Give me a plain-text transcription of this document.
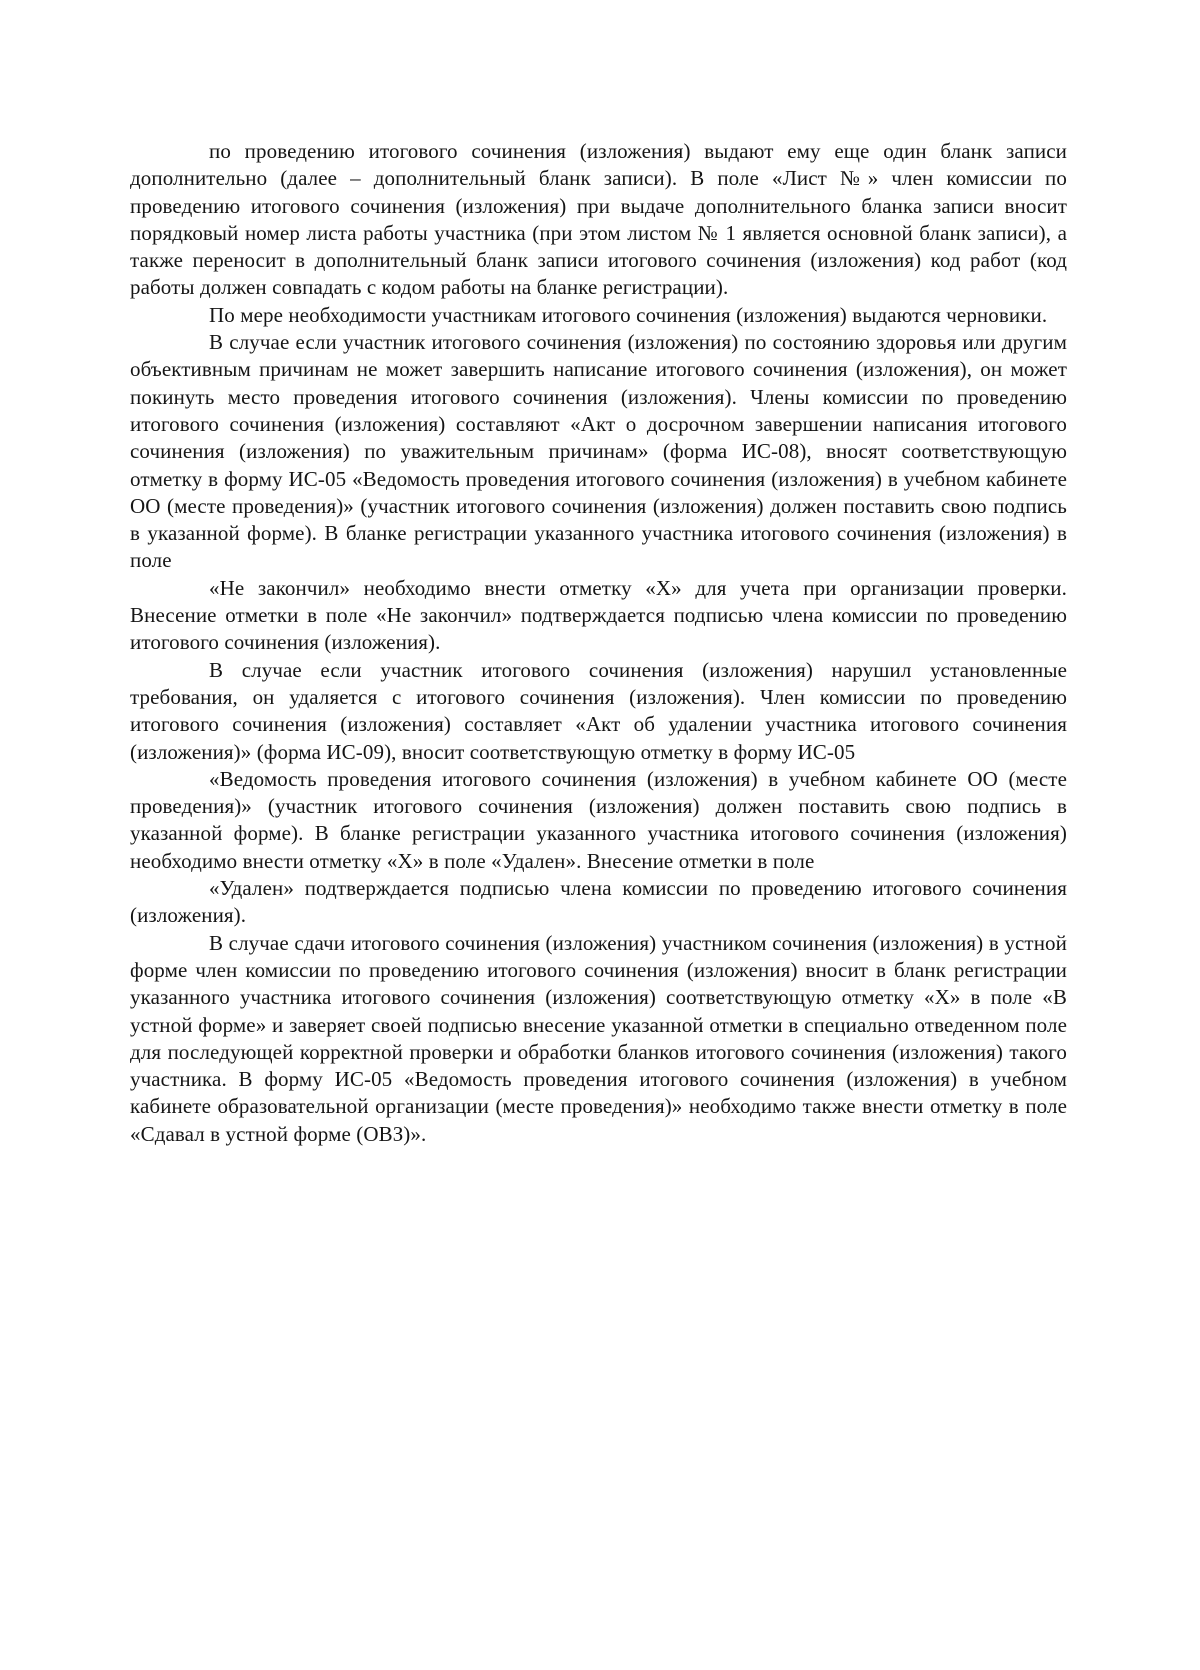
по проведению итогового сочинения (изложения) выдают ему еще один бланк записи дополнительно (далее – дополнительный бланк записи). В поле «Лист №» член комиссии по проведению итогового сочинения (изложения) при выдаче дополнительного бланка записи вносит порядковый номер листа работы участника (при этом листом № 1 является основной бланк записи), а также переносит в дополнительный бланк записи итогового сочинения (изложения) код работ (код работы должен совпадать с кодом работы на бланке регистрации).

По мере необходимости участникам итогового сочинения (изложения) выдаются черновики.

В случае если участник итогового сочинения (изложения) по состоянию здоровья или другим объективным причинам не может завершить написание итогового сочинения (изложения), он может покинуть место проведения итогового сочинения (изложения). Члены комиссии по проведению итогового сочинения (изложения) составляют «Акт о досрочном завершении написания итогового сочинения (изложения) по уважительным причинам» (форма ИС-08), вносят соответствующую отметку в форму ИС-05 «Ведомость проведения итогового сочинения (изложения) в учебном кабинете ОО (месте проведения)» (участник итогового сочинения (изложения) должен поставить свою подпись в указанной форме). В бланке регистрации указанного участника итогового сочинения (изложения) в поле

«Не закончил» необходимо внести отметку «Х» для учета при организации проверки. Внесение отметки в поле «Не закончил» подтверждается подписью члена комиссии по проведению итогового сочинения (изложения).

В случае если участник итогового сочинения (изложения) нарушил установленные требования, он удаляется с итогового сочинения (изложения). Член комиссии по проведению итогового сочинения (изложения) составляет «Акт об удалении участника итогового сочинения (изложения)» (форма ИС-09), вносит соответствующую отметку в форму ИС-05

«Ведомость проведения итогового сочинения (изложения) в учебном кабинете ОО (месте проведения)» (участник итогового сочинения (изложения) должен поставить свою подпись в указанной форме). В бланке регистрации указанного участника итогового сочинения (изложения) необходимо внести отметку «Х» в поле «Удален». Внесение отметки в поле

«Удален» подтверждается подписью члена комиссии по проведению итогового сочинения (изложения).

В случае сдачи итогового сочинения (изложения) участником сочинения (изложения) в устной форме член комиссии по проведению итогового сочинения (изложения) вносит в бланк регистрации указанного участника итогового сочинения (изложения) соответствующую отметку «Х» в поле «В устной форме» и заверяет своей подписью внесение указанной отметки в специально отведенном поле для последующей корректной проверки и обработки бланков итогового сочинения (изложения) такого участника. В форму ИС-05 «Ведомость проведения итогового сочинения (изложения) в учебном кабинете образовательной организации (месте проведения)» необходимо также внести отметку в поле «Сдавал в устной форме (ОВЗ)».
